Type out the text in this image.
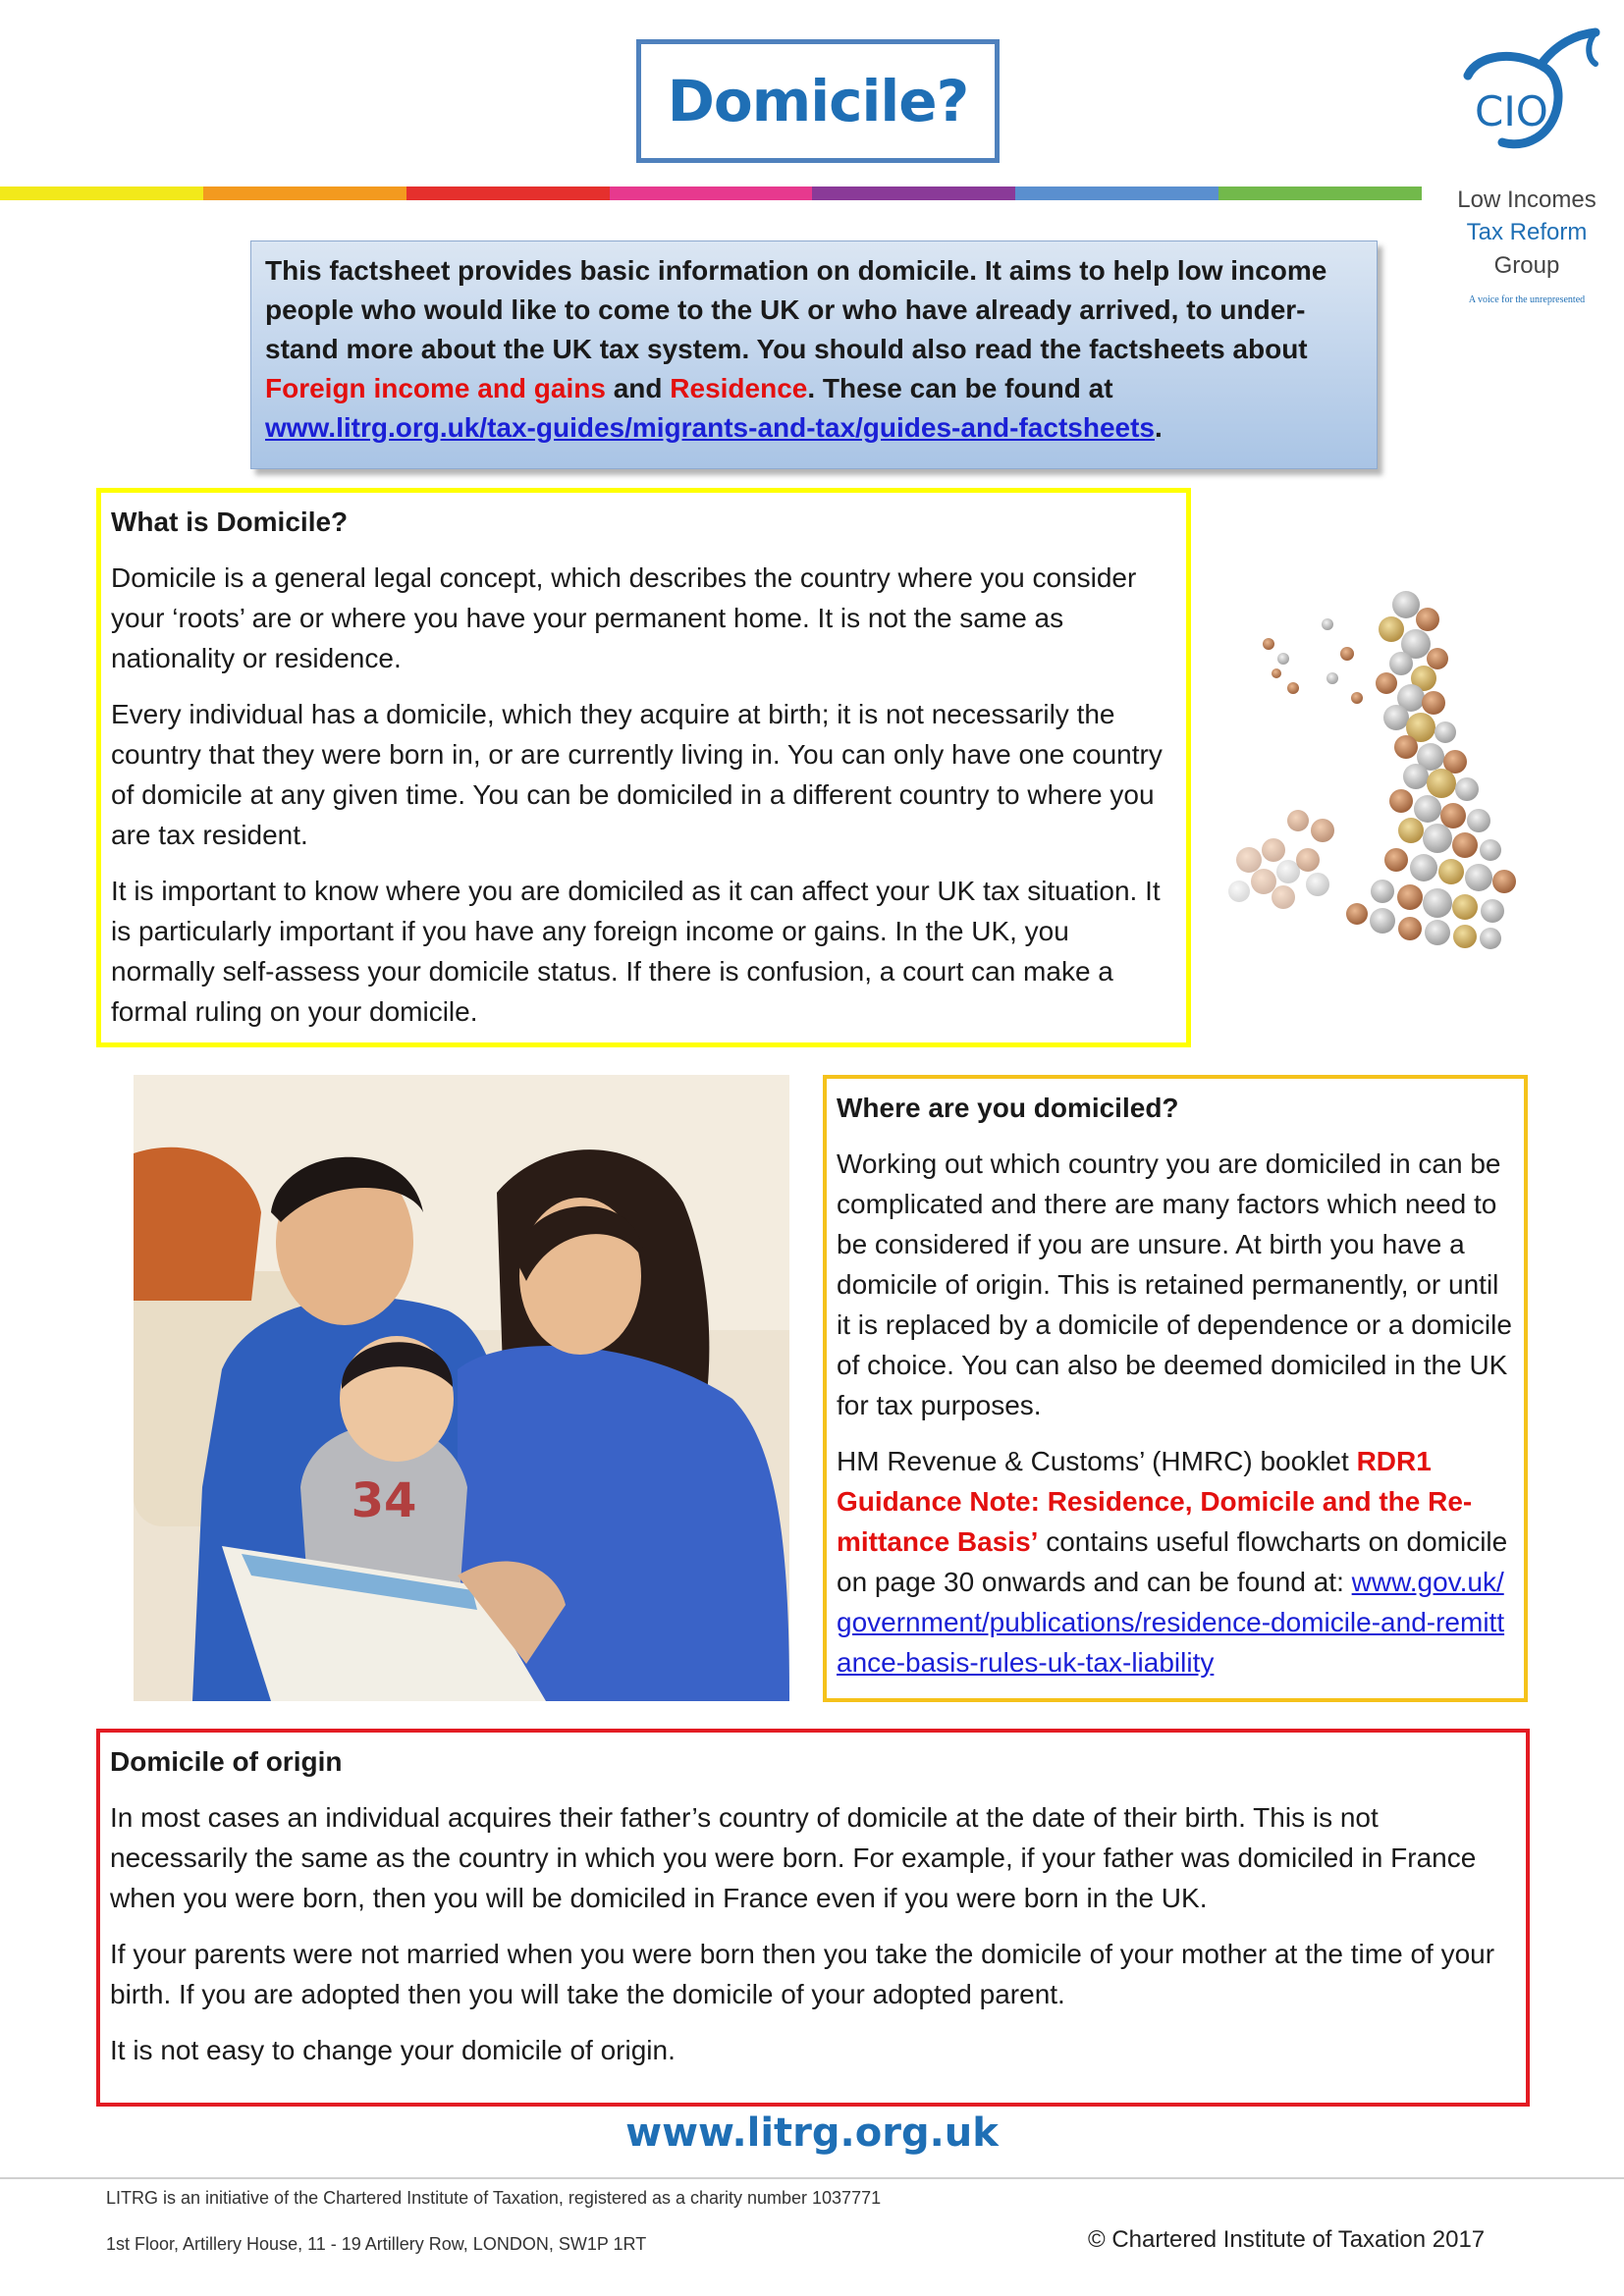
Domicile?	CIO
Low Incomes
Tax Reform
Group
A voice for the unrepresented
This factsheet provides basic information on domicile. It aims to help low income people who would like to come to the UK or who have already arrived, to under-stand more about the UK tax system. You should also read the factsheets about Foreign income and gains and Residence. These can be found at www.litrg.org.uk/tax-guides/migrants-and-tax/guides-and-factsheets.
What is Domicile?

Domicile is a general legal concept, which describes the country where you consider your ‘roots’ are or where you have your permanent home. It is not the same as nationality or residence.

Every individual has a domicile, which they acquire at birth; it is not necessarily the country that they were born in, or are currently living in. You can only have one country of domicile at any given time. You can be domiciled in a different country to where you are tax resident.

It is important to know where you are domiciled as it can affect your UK tax situation. It is particularly important if you have any foreign income or gains. In the UK, you normally self-assess your domicile status. If there is confusion, a court can make a formal ruling on your domicile.

34
Where are you domiciled?

Working out which country you are domiciled in can be complicated and there are many factors which need to be considered if you are unsure. At birth you have a domicile of origin. This is retained permanently, or until it is replaced by a domicile of dependence or a domicile of choice. You can also be deemed domiciled in the UK for tax purposes.

HM Revenue & Customs’ (HMRC) booklet RDR1 Guidance Note: Residence, Domicile and the Re-mittance Basis’ contains useful flowcharts on domicile on page 30 onwards and can be found at: www.gov.uk/government/publications/residence-domicile-and-remittance-basis-rules-uk-tax-liability

Domicile of origin

In most cases an individual acquires their father’s country of domicile at the date of their birth. This is not necessarily the same as the country in which you were born. For example, if your father was domiciled in France when you were born, then you will be domiciled in France even if you were born in the UK.

If your parents were not married when you were born then you take the domicile of your mother at the time of your birth. If you are adopted then you will take the domicile of your adopted parent.

It is not easy to change your domicile of origin.

www.litrg.org.uk
LITRG is an initiative of the Chartered Institute of Taxation, registered as a charity number 1037771
1st Floor, Artillery House, 11 - 19 Artillery Row, LONDON, SW1P 1RT	© Chartered Institute of Taxation 2017
